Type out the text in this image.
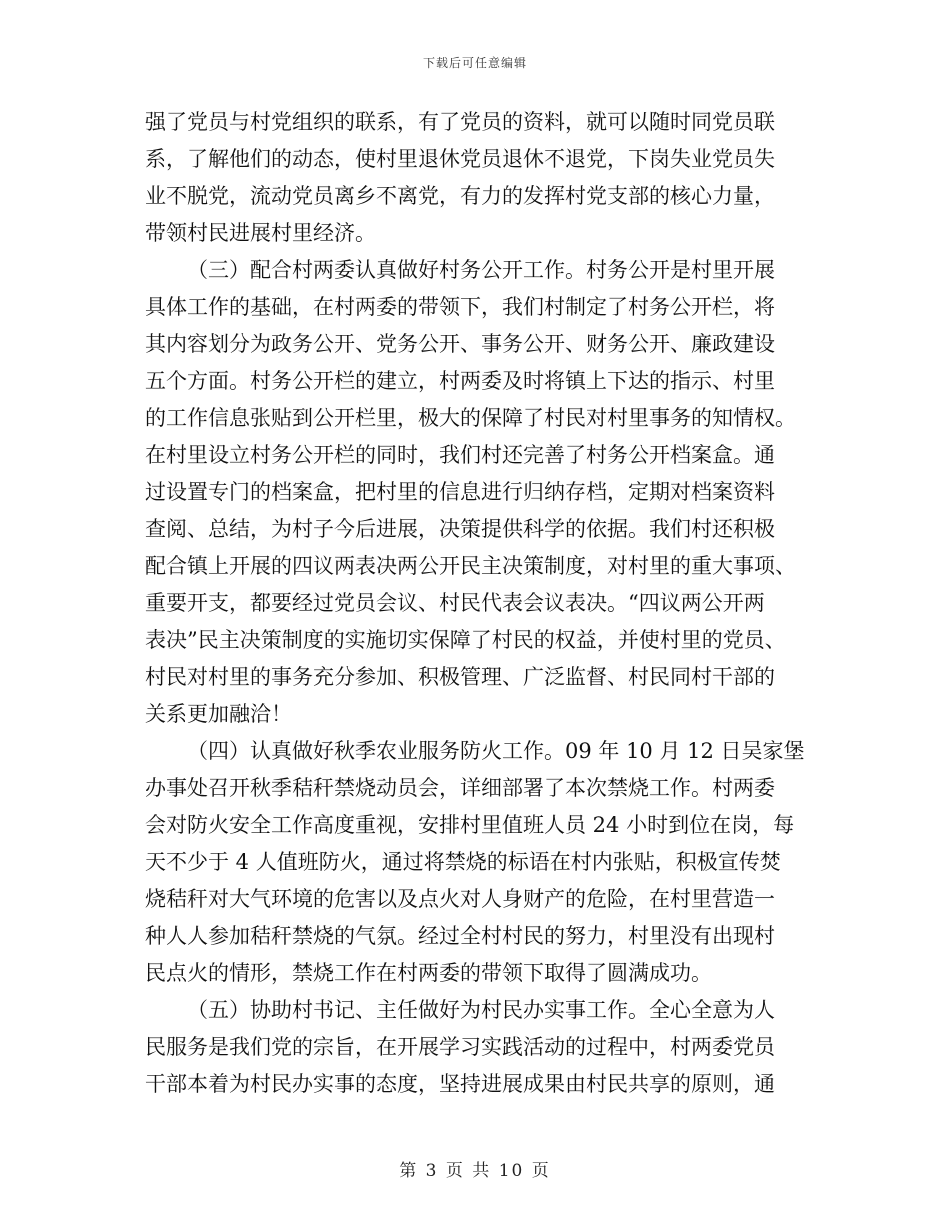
下载后可任意编辑
强了党员与村党组织的联系，有了党员的资料，就可以随时同党员联
系，了解他们的动态，使村里退休党员退休不退党，下岗失业党员失
业不脱党，流动党员离乡不离党，有力的发挥村党支部的核心力量，
带领村民进展村里经济。
（三）配合村两委认真做好村务公开工作。村务公开是村里开展
具体工作的基础，在村两委的带领下，我们村制定了村务公开栏，将
其内容划分为政务公开、党务公开、事务公开、财务公开、廉政建设
五个方面。村务公开栏的建立，村两委及时将镇上下达的指示、村里
的工作信息张贴到公开栏里，极大的保障了村民对村里事务的知情权。
在村里设立村务公开栏的同时，我们村还完善了村务公开档案盒。通
过设置专门的档案盒，把村里的信息进行归纳存档，定期对档案资料
查阅、总结，为村子今后进展，决策提供科学的依据。我们村还积极
配合镇上开展的四议两表决两公开民主决策制度，对村里的重大事项、
重要开支，都要经过党员会议、村民代表会议表决。“四议两公开两
表决”民主决策制度的实施切实保障了村民的权益，并使村里的党员、
村民对村里的事务充分参加、积极管理、广泛监督、村民同村干部的
关系更加融洽！
（四）认真做好秋季农业服务防火工作。09 年 10 月 12 日吴家堡
办事处召开秋季秸秆禁烧动员会，详细部署了本次禁烧工作。村两委
会对防火安全工作高度重视，安排村里值班人员 24 小时到位在岗，每
天不少于 4 人值班防火，通过将禁烧的标语在村内张贴，积极宣传焚
烧秸秆对大气环境的危害以及点火对人身财产的危险，在村里营造一
种人人参加秸秆禁烧的气氛。经过全村村民的努力，村里没有出现村
民点火的情形，禁烧工作在村两委的带领下取得了圆满成功。
（五）协助村书记、主任做好为村民办实事工作。全心全意为人
民服务是我们党的宗旨，在开展学习实践活动的过程中，村两委党员
干部本着为村民办实事的态度，坚持进展成果由村民共享的原则，通
第 3 页 共 10 页
